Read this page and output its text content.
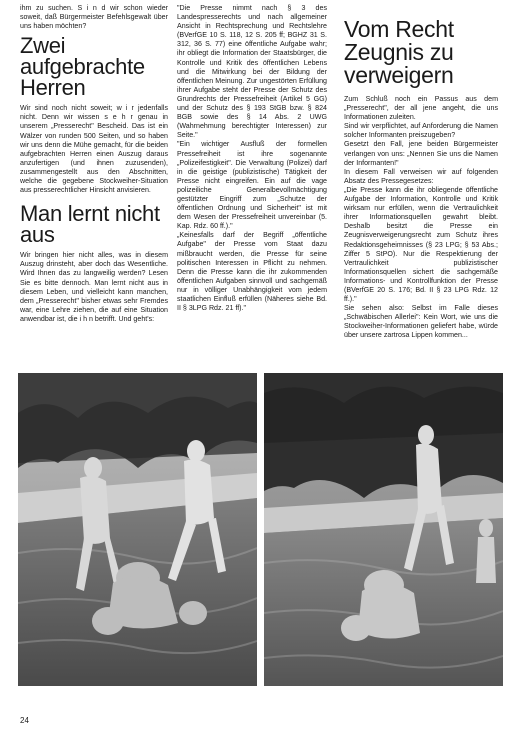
ihm zu suchen. S i n d wir schon wieder soweit, daß Bürgermeister Befehlsgewalt über uns haben möchten?

Zwei aufgebrachte Herren

Wir sind noch nicht soweit; w i r jedenfalls nicht. Denn wir wissen s e h r genau in unserem „Presserecht" Bescheid. Das ist ein Wälzer von runden 500 Seiten, und so haben wir uns denn die Mühe gemacht, für die beiden aufgebrachten Herren einen Auszug daraus anzufertigen (und ihnen zuzusenden), zusammengestellt aus den Abschnitten, welche die gegebene Stockweiher-Situation aus presserechtlicher Hinsicht anvisieren.

Man lernt nicht aus

Wir bringen hier nicht alles, was in diesem Auszug drinsteht, aber doch das Wesentliche. Wird Ihnen das zu langweilig werden? Lesen Sie es bitte dennoch. Man lernt nicht aus in diesem Leben, und vielleicht kann manchen, dem „Presserecht" bisher etwas sehr Fremdes war, eine Lehre ziehen, die auf eine Situation anwendbar ist, die i h n betrifft. Und geht's:

"Die Presse nimmt nach § 3 des Landespresserechts und nach allgemeiner Ansicht in Rechtsprechung und Rechtslehre (BVerfGE 10 S. 118, 12 S. 205 ff; BGHZ 31 S. 312, 36 S. 77) eine öffentliche Aufgabe wahr; ihr obliegt die Information der Staatsbürger, die Kontrolle und Kritik des öffentlichen Lebens und die Mitwirkung bei der Bildung der öffentlichen Meinung. Zur ungestörten Erfüllung ihrer Aufgabe steht der Presse der Schutz des Grundrechts der Pressefreiheit (Artikel 5 GG) und der Schutz des § 193 StGB bzw. § 824 BGB sowie des § 14 Abs. 2 UWG (Wahrnehmung berechtigter Interessen) zur Seite."

"Ein wichtiger Ausfluß der formellen Pressefreiheit ist ihre sogenannte „Polizeifestigkeit". Die Verwaltung (Polizei) darf in die geistige (publizistische) Tätigkeit der Presse nicht eingreifen. Ein auf die vage polizeiliche Generalbevollmächtigung gestützter Eingriff zum „Schutze der öffentlichen Ordnung und Sicherheit" ist mit dem Wesen der Pressefreiheit unvereinbar (5. Kap. Rdz. 60 ff.)."

„Keinesfalls darf der Begriff „öffentliche Aufgabe" der Presse vom Staat dazu mißbraucht werden, die Presse für seine politischen Interessen in Pflicht zu nehmen. Denn die Presse kann die ihr zukommenden öffentlichen Aufgaben sinnvoll und sachgemäß nur in völliger Unabhängigkeit vom jedem staatlichen Einfluß erfüllen (Näheres siehe Bd. II § 3LPG Rdz. 21 ff)."

Vom Recht Zeugnis zu verweigern

Zum Schluß noch ein Passus aus dem „Presserecht", der all jene angeht, die uns Informationen zuleiten.

Sind wir verpflichtet, auf Anforderung die Namen solcher Informanten preiszugeben?

Gesetzt den Fall, jene beiden Bürgermeister verlangen von uns: „Nennen Sie uns die Namen der Informanten!"

In diesem Fall verweisen wir auf folgenden Absatz des Pressegesetzes:

„Die Presse kann die ihr obliegende öffentliche Aufgabe der Information, Kontrolle und Kritik wirksam nur erfüllen, wenn die Vertraulichkeit ihrer Informationsquellen gewahrt bleibt. Deshalb besitzt die Presse ein Zeugnisverweigerungsrecht zum Schutz ihres Redaktionsgeheimnisses (§ 23 LPG; § 53 Abs.; Ziffer 5 StPO). Nur die Respektierung der Vertraulichkeit publizistischer Informationsquellen sichert die sachgemäße Informations- und Kontrollfunktion der Presse (BVerfGE 20 S. 176; Bd. II § 23 LPG Rdz. 12 ff.)."

Sie sehen also: Selbst im Falle dieses „Schwäbischen Allerlei": Kein Wort, wie uns die Stockweiher-Informationen geliefert habe, würde über unsere zartrosa Lippen kommen...

24
